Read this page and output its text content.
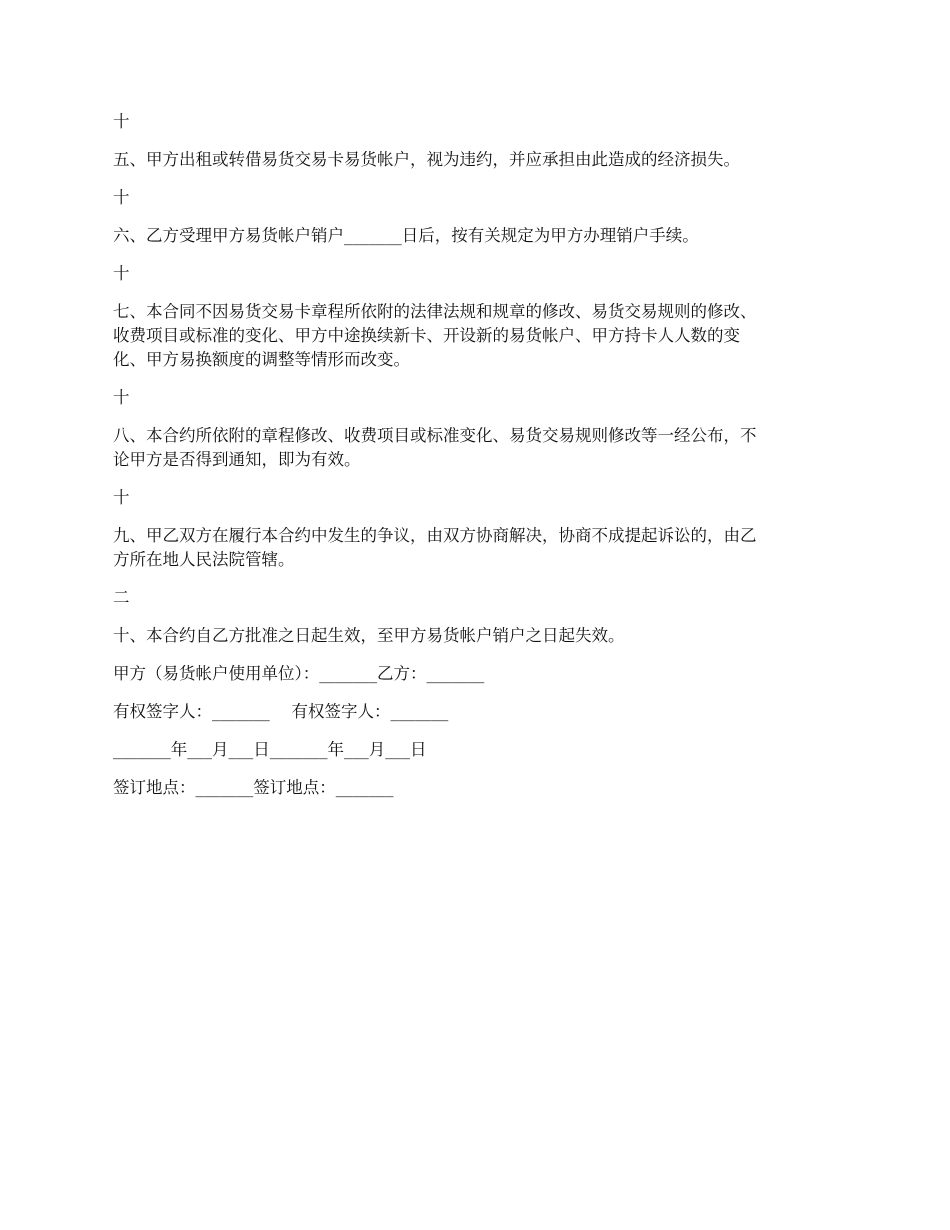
十
五、甲方出租或转借易货交易卡易货帐户，视为违约，并应承担由此造成的经济损失。
十
六、乙方受理甲方易货帐户销户_______日后，按有关规定为甲方办理销户手续。
十
七、本合同不因易货交易卡章程所依附的法律法规和规章的修改、易货交易规则的修改、
收费项目或标准的变化、甲方中途换续新卡、开设新的易货帐户、甲方持卡人人数的变
化、甲方易换额度的调整等情形而改变。
十
八、本合约所依附的章程修改、收费项目或标准变化、易货交易规则修改等一经公布，不
论甲方是否得到通知，即为有效。
十
九、甲乙双方在履行本合约中发生的争议，由双方协商解决，协商不成提起诉讼的，由乙
方所在地人民法院管辖。
二
十、本合约自乙方批准之日起生效，至甲方易货帐户销户之日起失效。
甲方（易货帐户使用单位）：_______乙方：_______
有权签字人：_______　 有权签字人：_______
_______年___月___日_______年___月___日
签订地点：_______签订地点：_______
